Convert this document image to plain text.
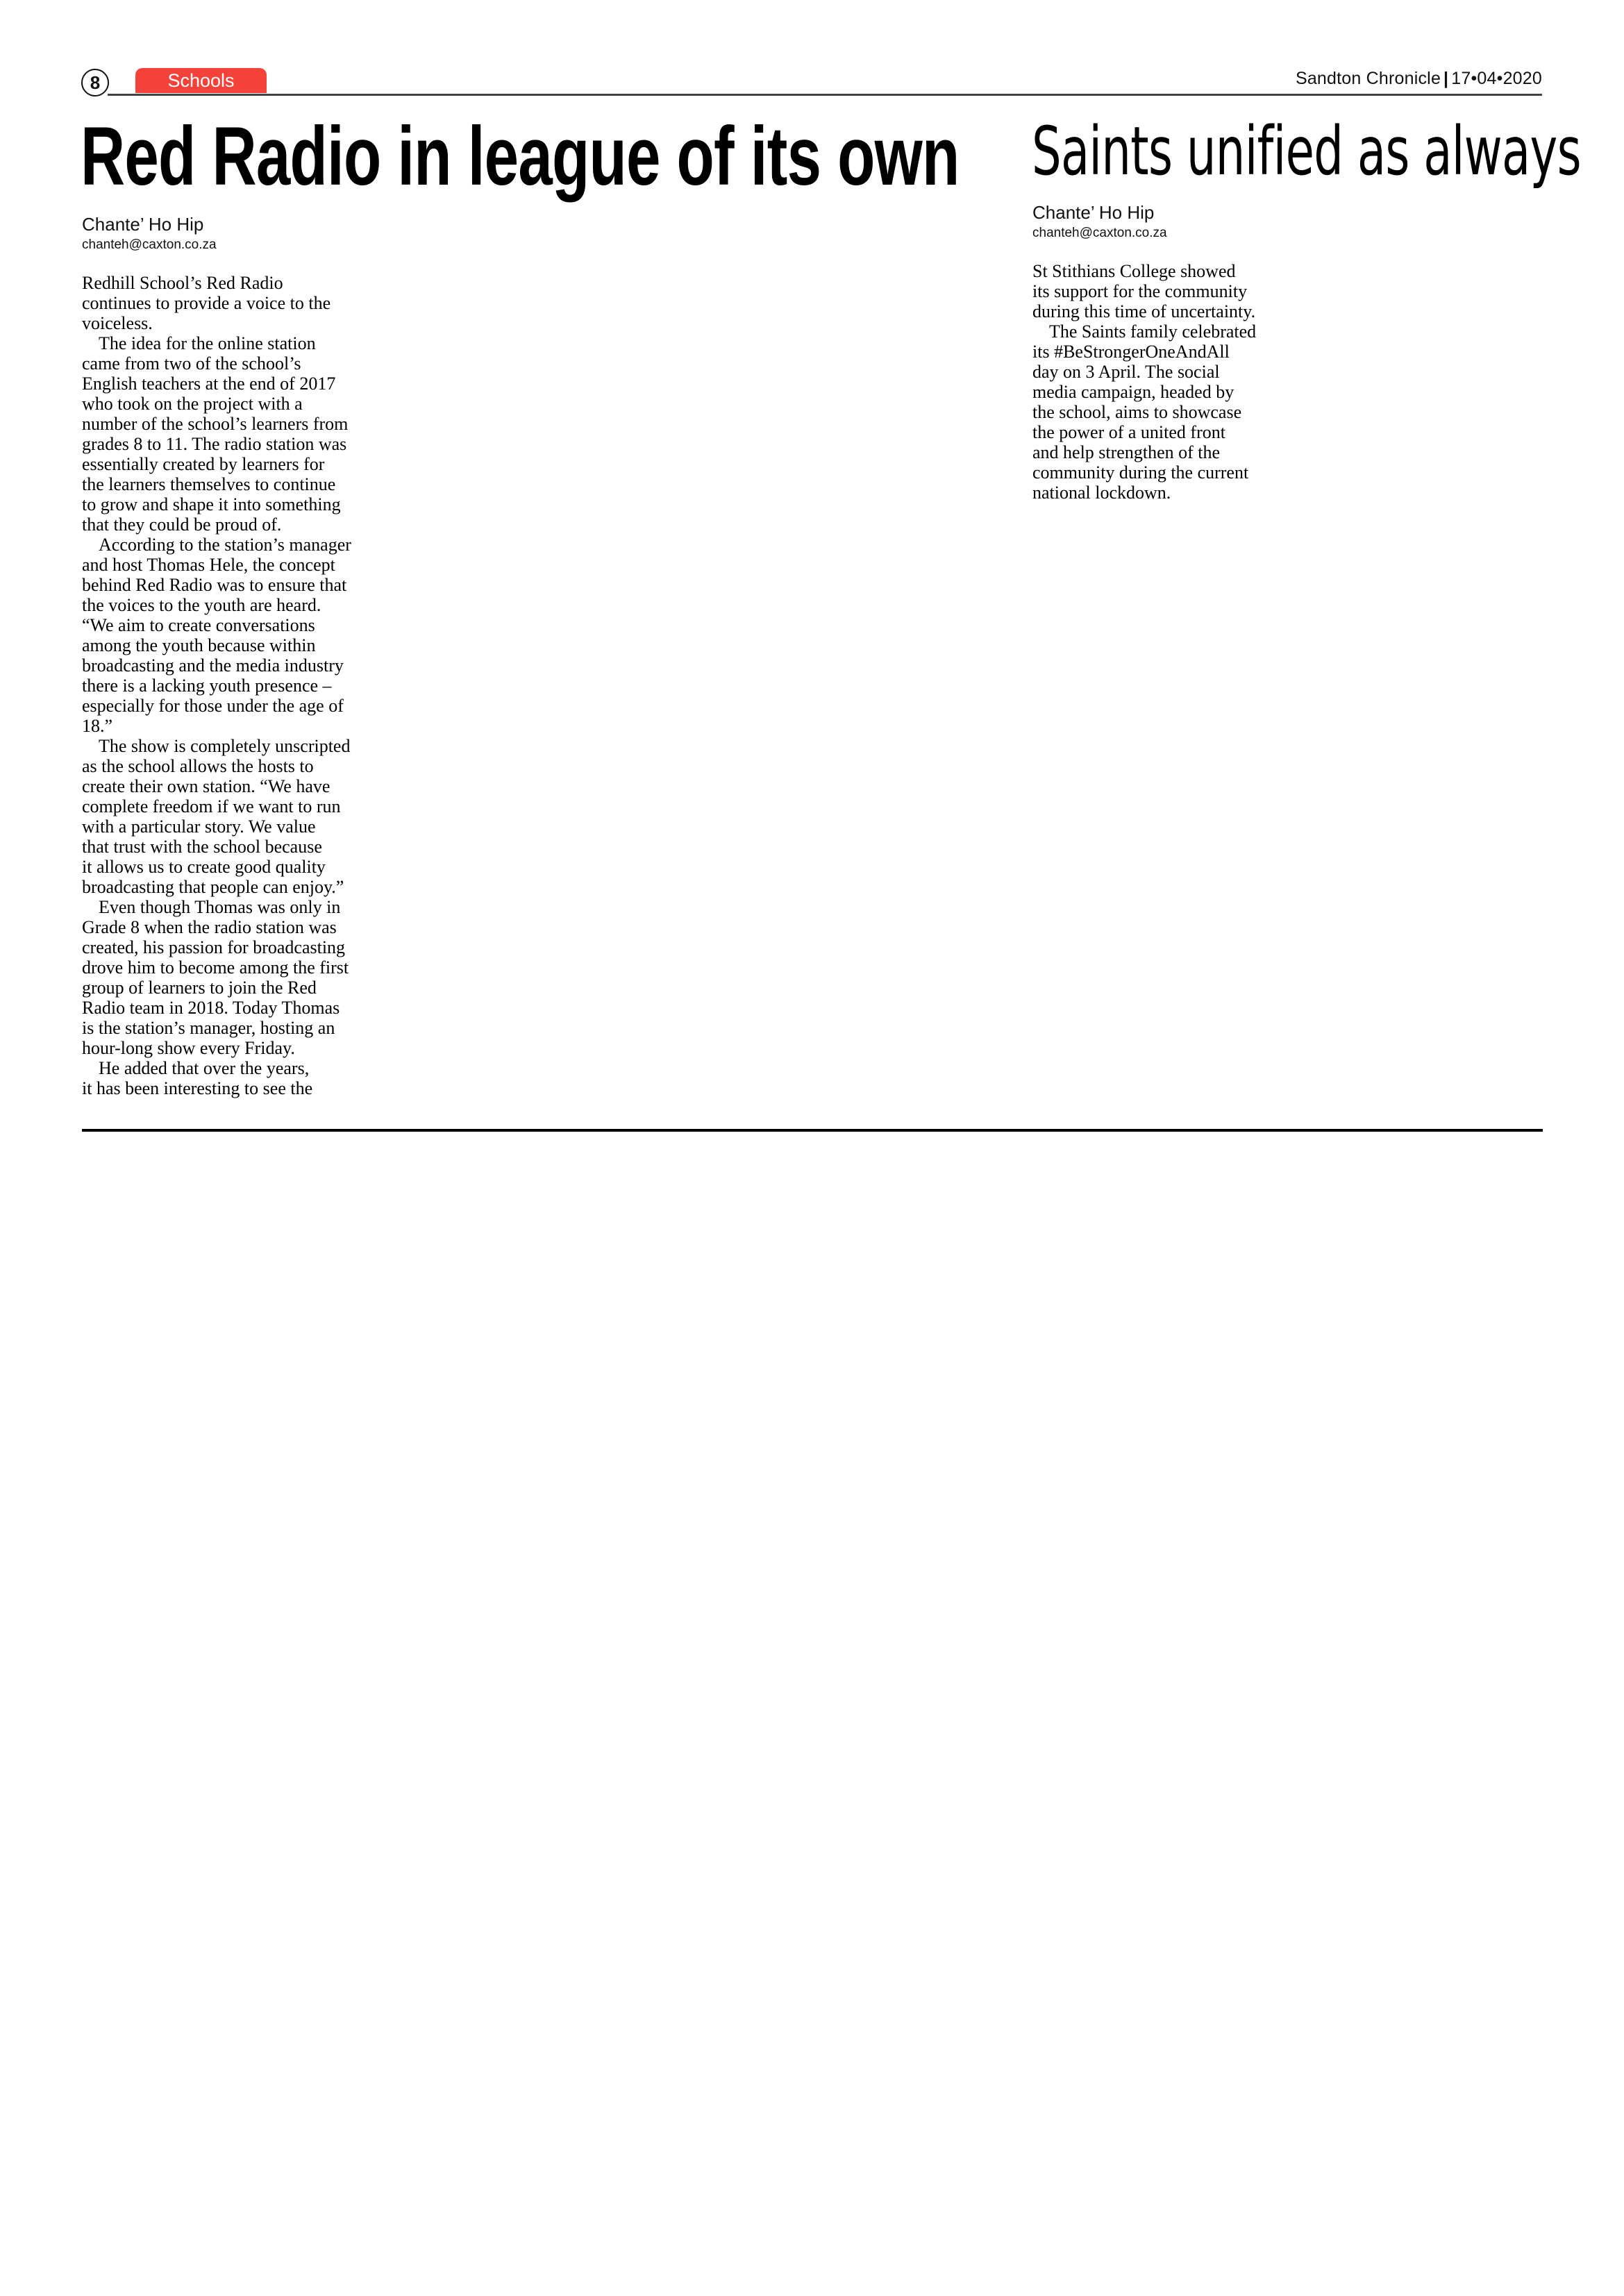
8	Schools	Sandton Chronicle | 17•04•2020
Red Radio in league of its own
Chante’ Ho Hip
chanteh@caxton.co.za

Redhill School’s Red Radio
continues to provide a voice to the
voiceless.

The idea for the online station
came from two of the school’s
English teachers at the end of 2017
who took on the project with a
number of the school’s learners from
grades 8 to 11. The radio station was
essentially created by learners for
the learners themselves to continue
to grow and shape it into something
that they could be proud of.

According to the station’s manager
and host Thomas Hele, the concept
behind Red Radio was to ensure that
the voices to the youth are heard.
“We aim to create conversations
among the youth because within
broadcasting and the media industry
there is a lacking youth presence –
especially for those under the age of
18.”

The show is completely unscripted
as the school allows the hosts to
create their own station. “We have
complete freedom if we want to run
with a particular story. We value
that trust with the school because
it allows us to create good quality
broadcasting that people can enjoy.”

Even though Thomas was only in
Grade 8 when the radio station was
created, his passion for broadcasting
drove him to become among the first
group of learners to join the Red
Radio team in 2018. Today Thomas
is the station’s manager, hosting an
hour-long show every Friday.

He added that over the years,
it has been interesting to see the

Saints unified as always
Chante’ Ho Hip
chanteh@caxton.co.za

St Stithians College showed
its support for the community
during this time of uncertainty.

The Saints family celebrated
its #BeStrongerOneAndAll
day on 3 April. The social
media campaign, headed by
the school, aims to showcase
the power of a united front
and help strengthen of the
community during the current
national lockdown.
